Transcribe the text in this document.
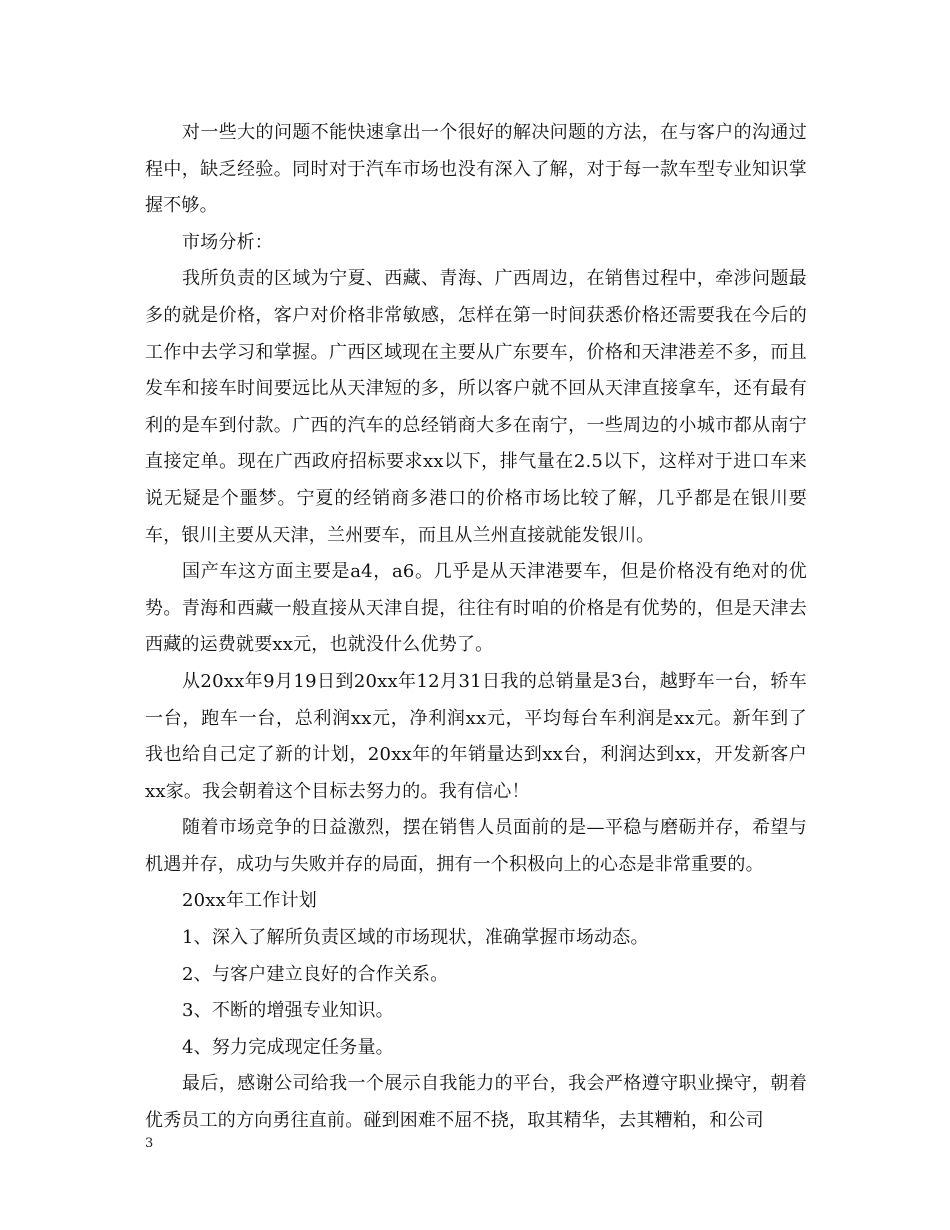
对一些大的问题不能快速拿出一个很好的解决问题的方法，在与客户的沟通过程中，缺乏经验。同时对于汽车市场也没有深入了解，对于每一款车型专业知识掌握不够。

市场分析：

我所负责的区域为宁夏、西藏、青海、广西周边，在销售过程中，牵涉问题最多的就是价格，客户对价格非常敏感，怎样在第一时间获悉价格还需要我在今后的工作中去学习和掌握。广西区域现在主要从广东要车，价格和天津港差不多，而且发车和接车时间要远比从天津短的多，所以客户就不回从天津直接拿车，还有最有利的是车到付款。广西的汽车的总经销商大多在南宁，一些周边的小城市都从南宁直接定单。现在广西政府招标要求xx以下，排气量在2.5以下，这样对于进口车来说无疑是个噩梦。宁夏的经销商多港口的价格市场比较了解，几乎都是在银川要车，银川主要从天津，兰州要车，而且从兰州直接就能发银川。

国产车这方面主要是a4，a6。几乎是从天津港要车，但是价格没有绝对的优势。青海和西藏一般直接从天津自提，往往有时咱的价格是有优势的，但是天津去西藏的运费就要xx元，也就没什么优势了。

从20xx年9月19日到20xx年12月31日我的总销量是3台，越野车一台，轿车一台，跑车一台，总利润xx元，净利润xx元，平均每台车利润是xx元。新年到了我也给自己定了新的计划，20xx年的年销量达到xx台，利润达到xx，开发新客户xx家。我会朝着这个目标去努力的。我有信心！

随着市场竞争的日益激烈，摆在销售人员面前的是—平稳与磨砺并存，希望与机遇并存，成功与失败并存的局面，拥有一个积极向上的心态是非常重要的。

20xx年工作计划

1、深入了解所负责区域的市场现状，准确掌握市场动态。

2、与客户建立良好的合作关系。

3、不断的增强专业知识。

4、努力完成现定任务量。

最后，感谢公司给我一个展示自我能力的平台，我会严格遵守职业操守，朝着优秀员工的方向勇往直前。碰到困难不屈不挠，取其精华，去其糟粕，和公司

3
